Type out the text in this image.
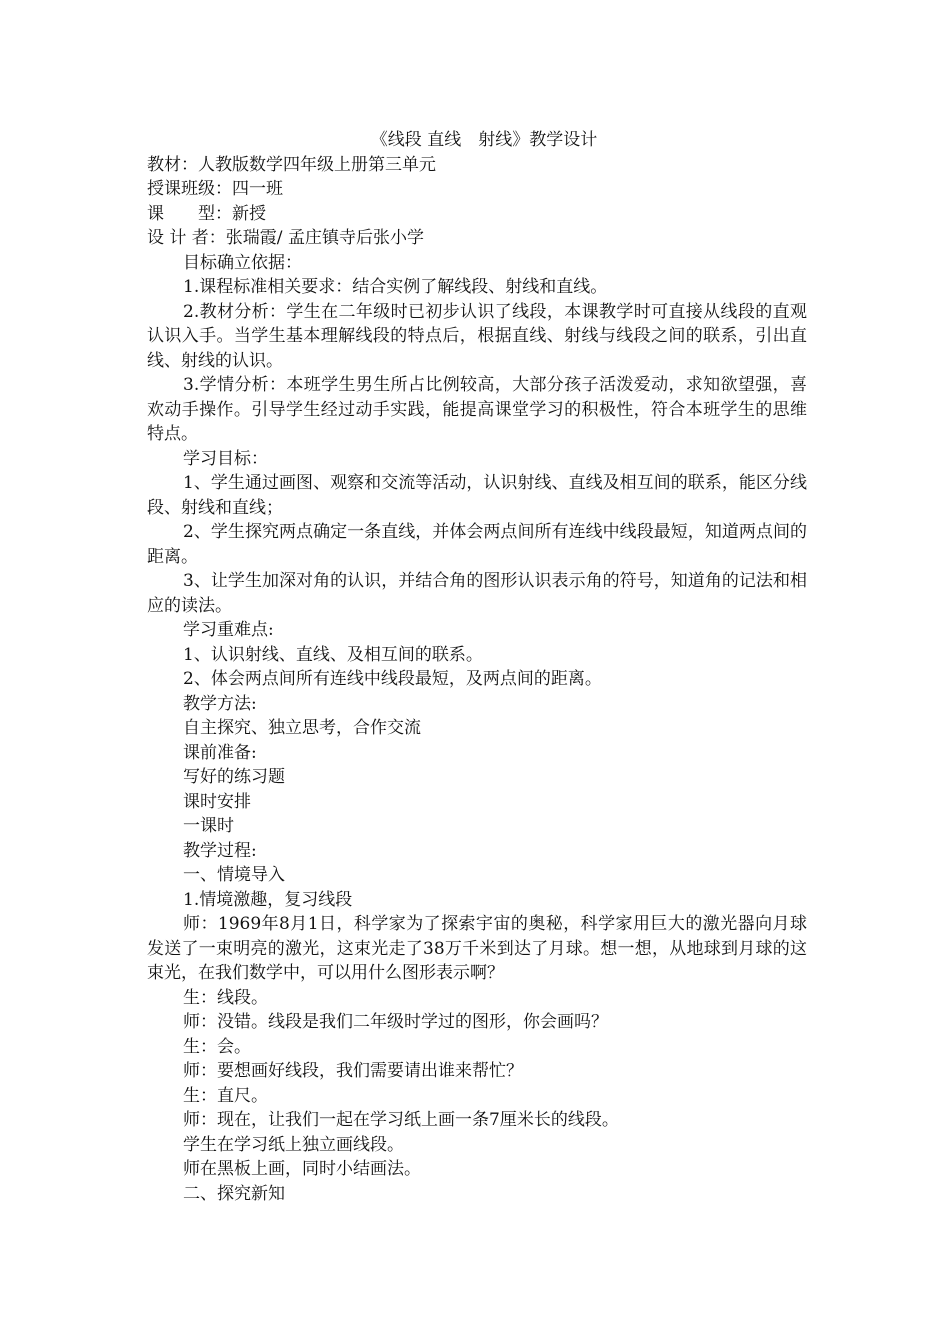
《线段 直线　射线》教学设计

教材：人教版数学四年级上册第三单元

授课班级：四一班

课　　型：新授

设 计 者：张瑞霞/ 孟庄镇寺后张小学

目标确立依据：

1.课程标准相关要求：结合实例了解线段、射线和直线。

2.教材分析：学生在二年级时已初步认识了线段，本课教学时可直接从线段的直观认识入手。当学生基本理解线段的特点后，根据直线、射线与线段之间的联系，引出直线、射线的认识。

3.学情分析：本班学生男生所占比例较高，大部分孩子活泼爱动，求知欲望强，喜欢动手操作。引导学生经过动手实践，能提高课堂学习的积极性，符合本班学生的思维特点。

学习目标：

1、学生通过画图、观察和交流等活动，认识射线、直线及相互间的联系，能区分线段、射线和直线；

2、学生探究两点确定一条直线，并体会两点间所有连线中线段最短，知道两点间的距离。

3、让学生加深对角的认识，并结合角的图形认识表示角的符号，知道角的记法和相应的读法。

学习重难点:

1、认识射线、直线、及相互间的联系。

2、体会两点间所有连线中线段最短，及两点间的距离。

教学方法:

自主探究、独立思考，合作交流

课前准备:

写好的练习题

课时安排

一课时

教学过程:

一、情境导入

1.情境激趣，复习线段

师：1969年8月1日，科学家为了探索宇宙的奥秘，科学家用巨大的激光器向月球发送了一束明亮的激光，这束光走了38万千米到达了月球。想一想，从地球到月球的这束光，在我们数学中，可以用什么图形表示啊？

生：线段。

师：没错。线段是我们二年级时学过的图形，你会画吗？

生：会。

师：要想画好线段，我们需要请出谁来帮忙？

生：直尺。

师：现在，让我们一起在学习纸上画一条7厘米长的线段。

学生在学习纸上独立画线段。

师在黑板上画，同时小结画法。

二、探究新知
